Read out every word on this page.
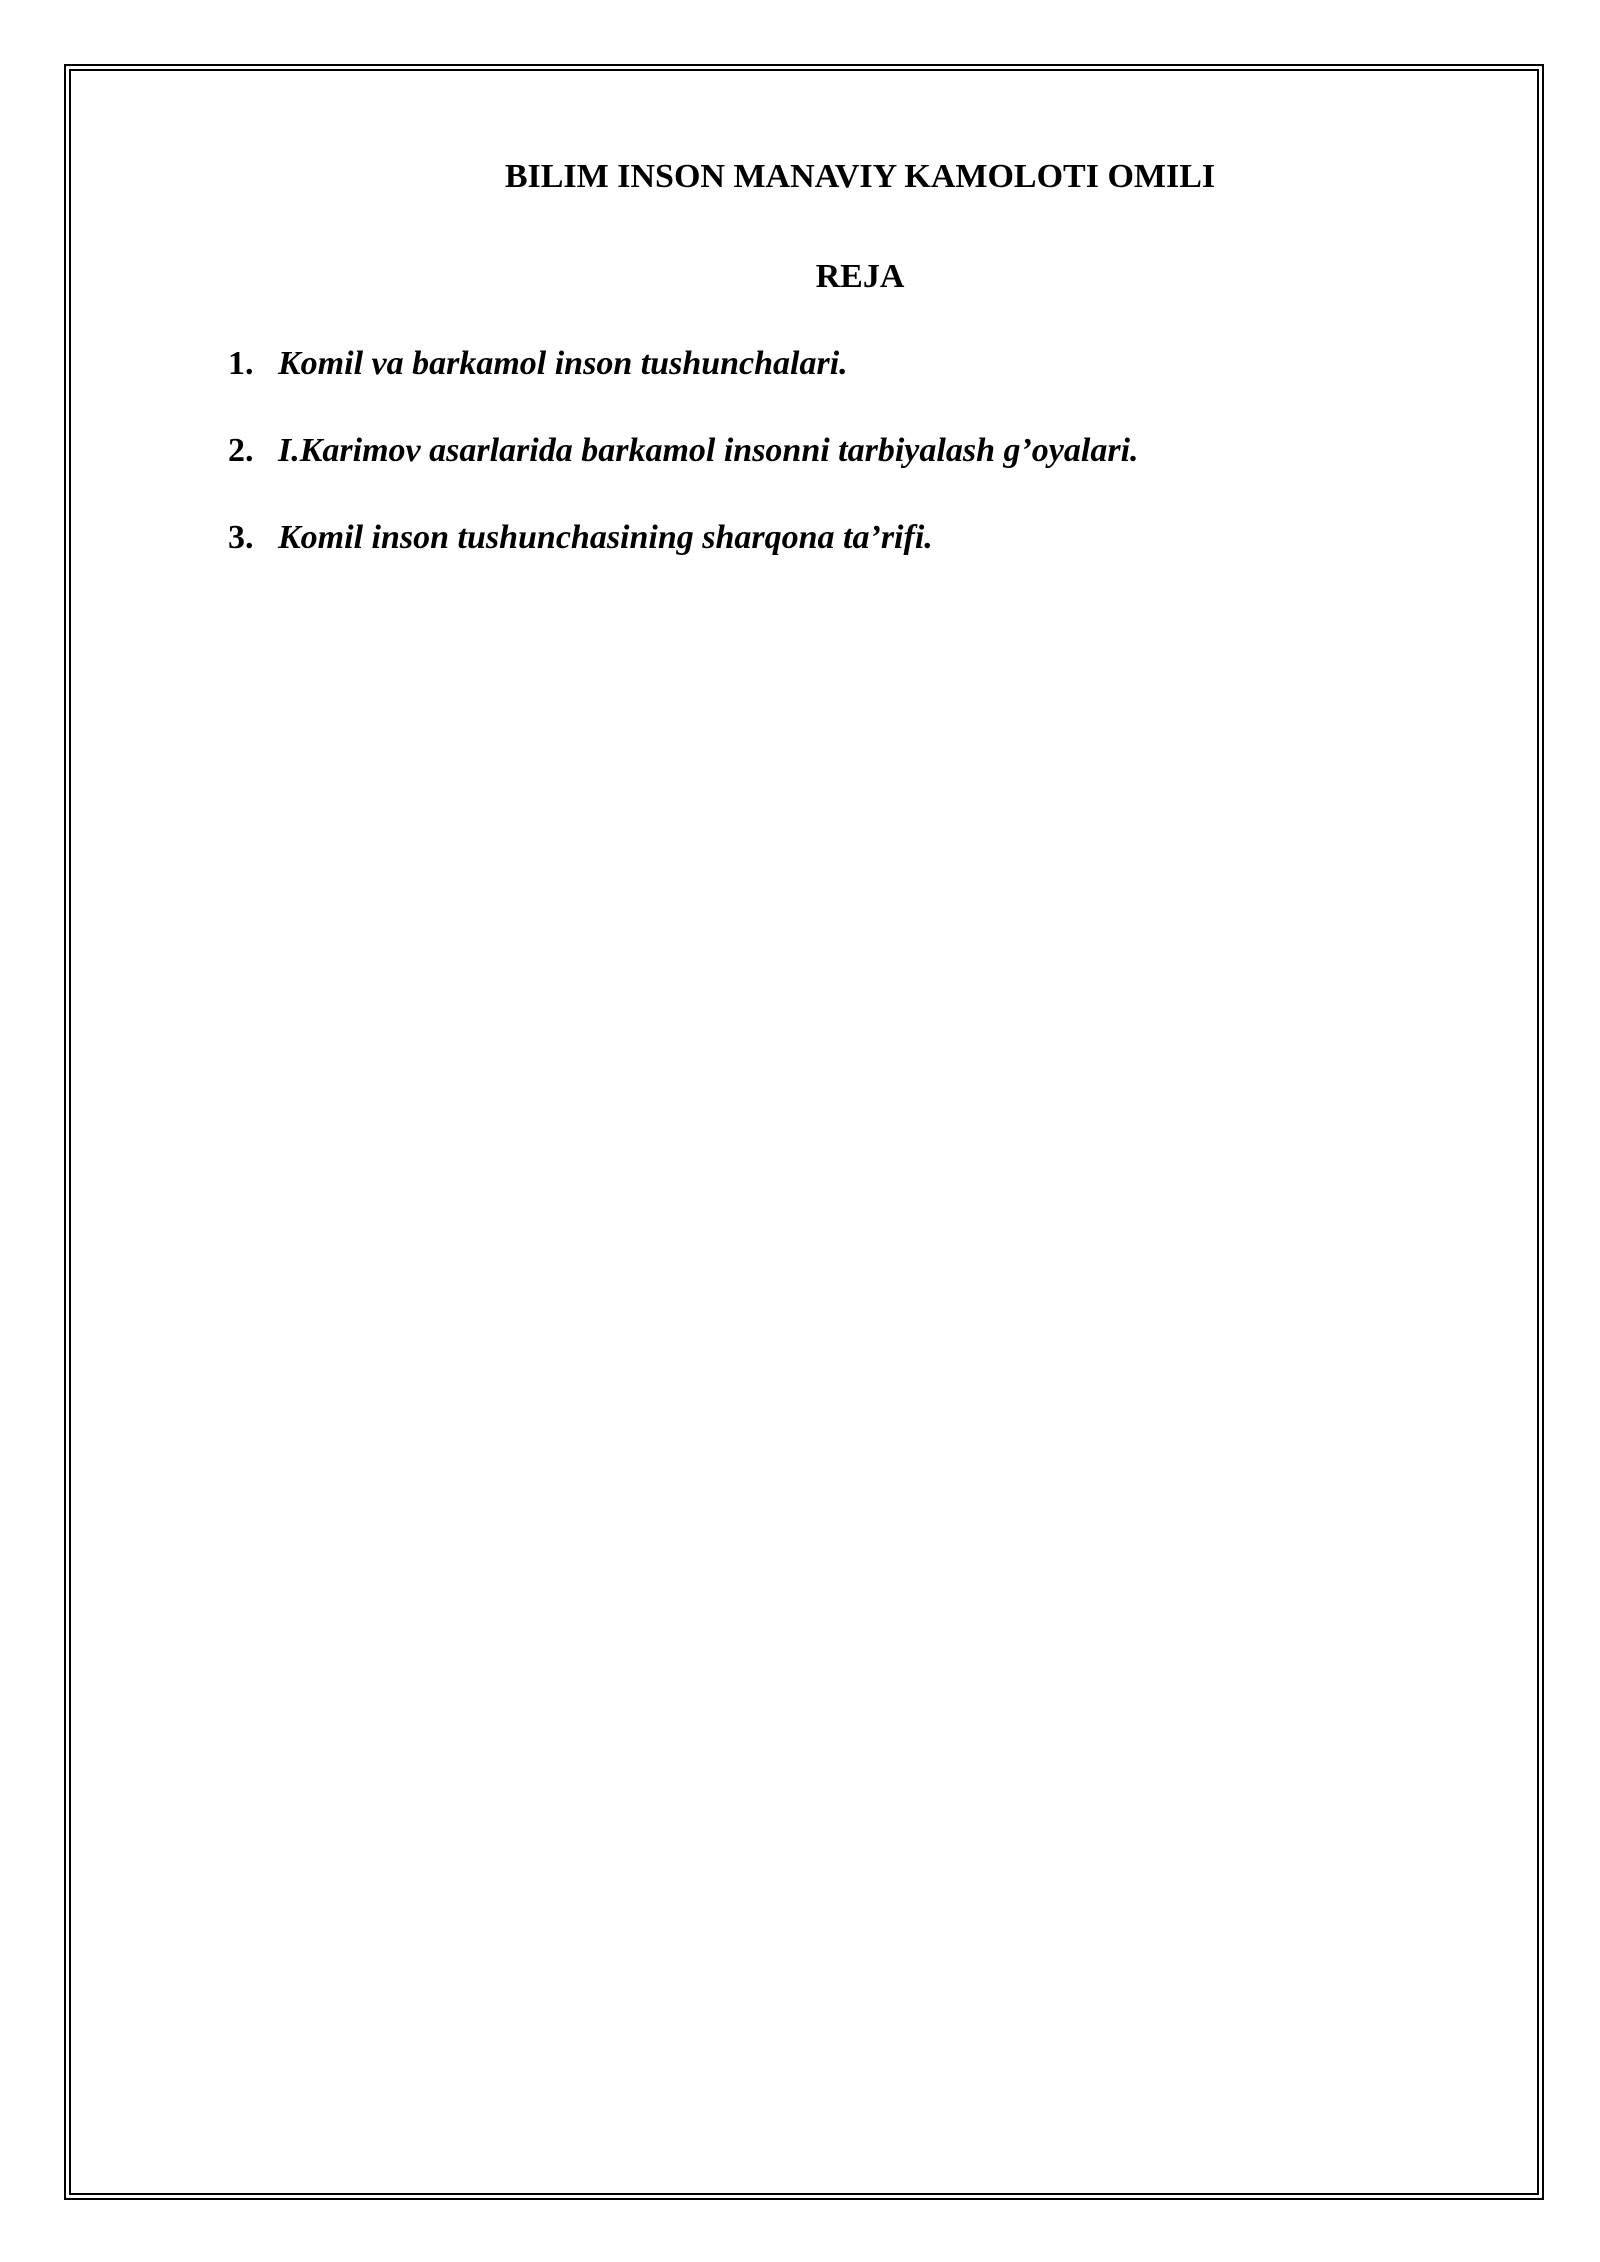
BILIM INSON MANAVIY KAMOLOTI OMILI
REJA
1. Komil va barkamol inson tushunchalari.
2. I.Karimov asarlarida barkamol insonni tarbiyalash g’oyalari.
3. Komil inson tushunchasining sharqona ta’rifi.
